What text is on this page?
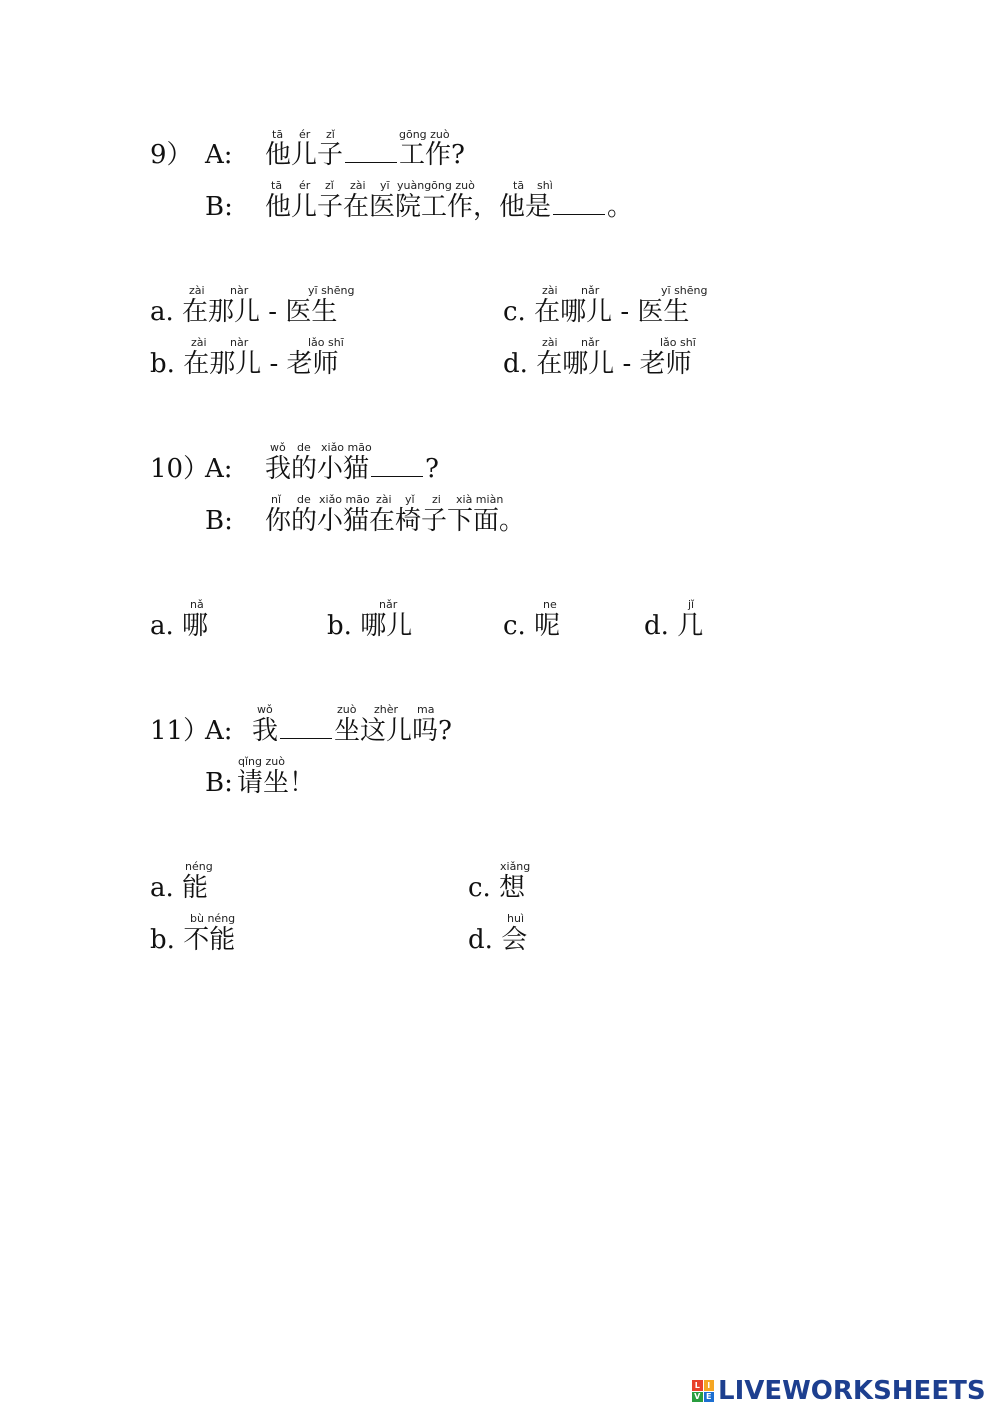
tā ér zǐ	gōng zuò
9） A: 他儿子 工作?
tā ér zǐ zài yī yuàngōng zuò	tā shì
B: 他儿子在医院工作，他是 。
zài nàr	yī shēng
a. 在那儿 - 医生
zài nàr	lǎo shī
b. 在那儿 - 老师
zài nǎr	yī shēng
c. 在哪儿 - 医生
zài nǎr	lǎo shī
d. 在哪儿 - 老师
wǒ de xiǎo māo
10）
A: 我的小猫 ?
nǐ de xiǎo māo zài yǐ zi xià miàn
B: 你的小猫在椅子下面。
nǎ
a. 哪
nǎr
b. 哪儿
ne
c. 呢
jǐ
d. 几
wǒ	zuò zhèr ma
11）
A: 我 坐这儿吗?
qǐng zuò
B: 请坐！
néng
a. 能
bù néng
b. 不能
xiǎng
c. 想
huì
d. 会
L I
V E LIVEWORKSHEETS
